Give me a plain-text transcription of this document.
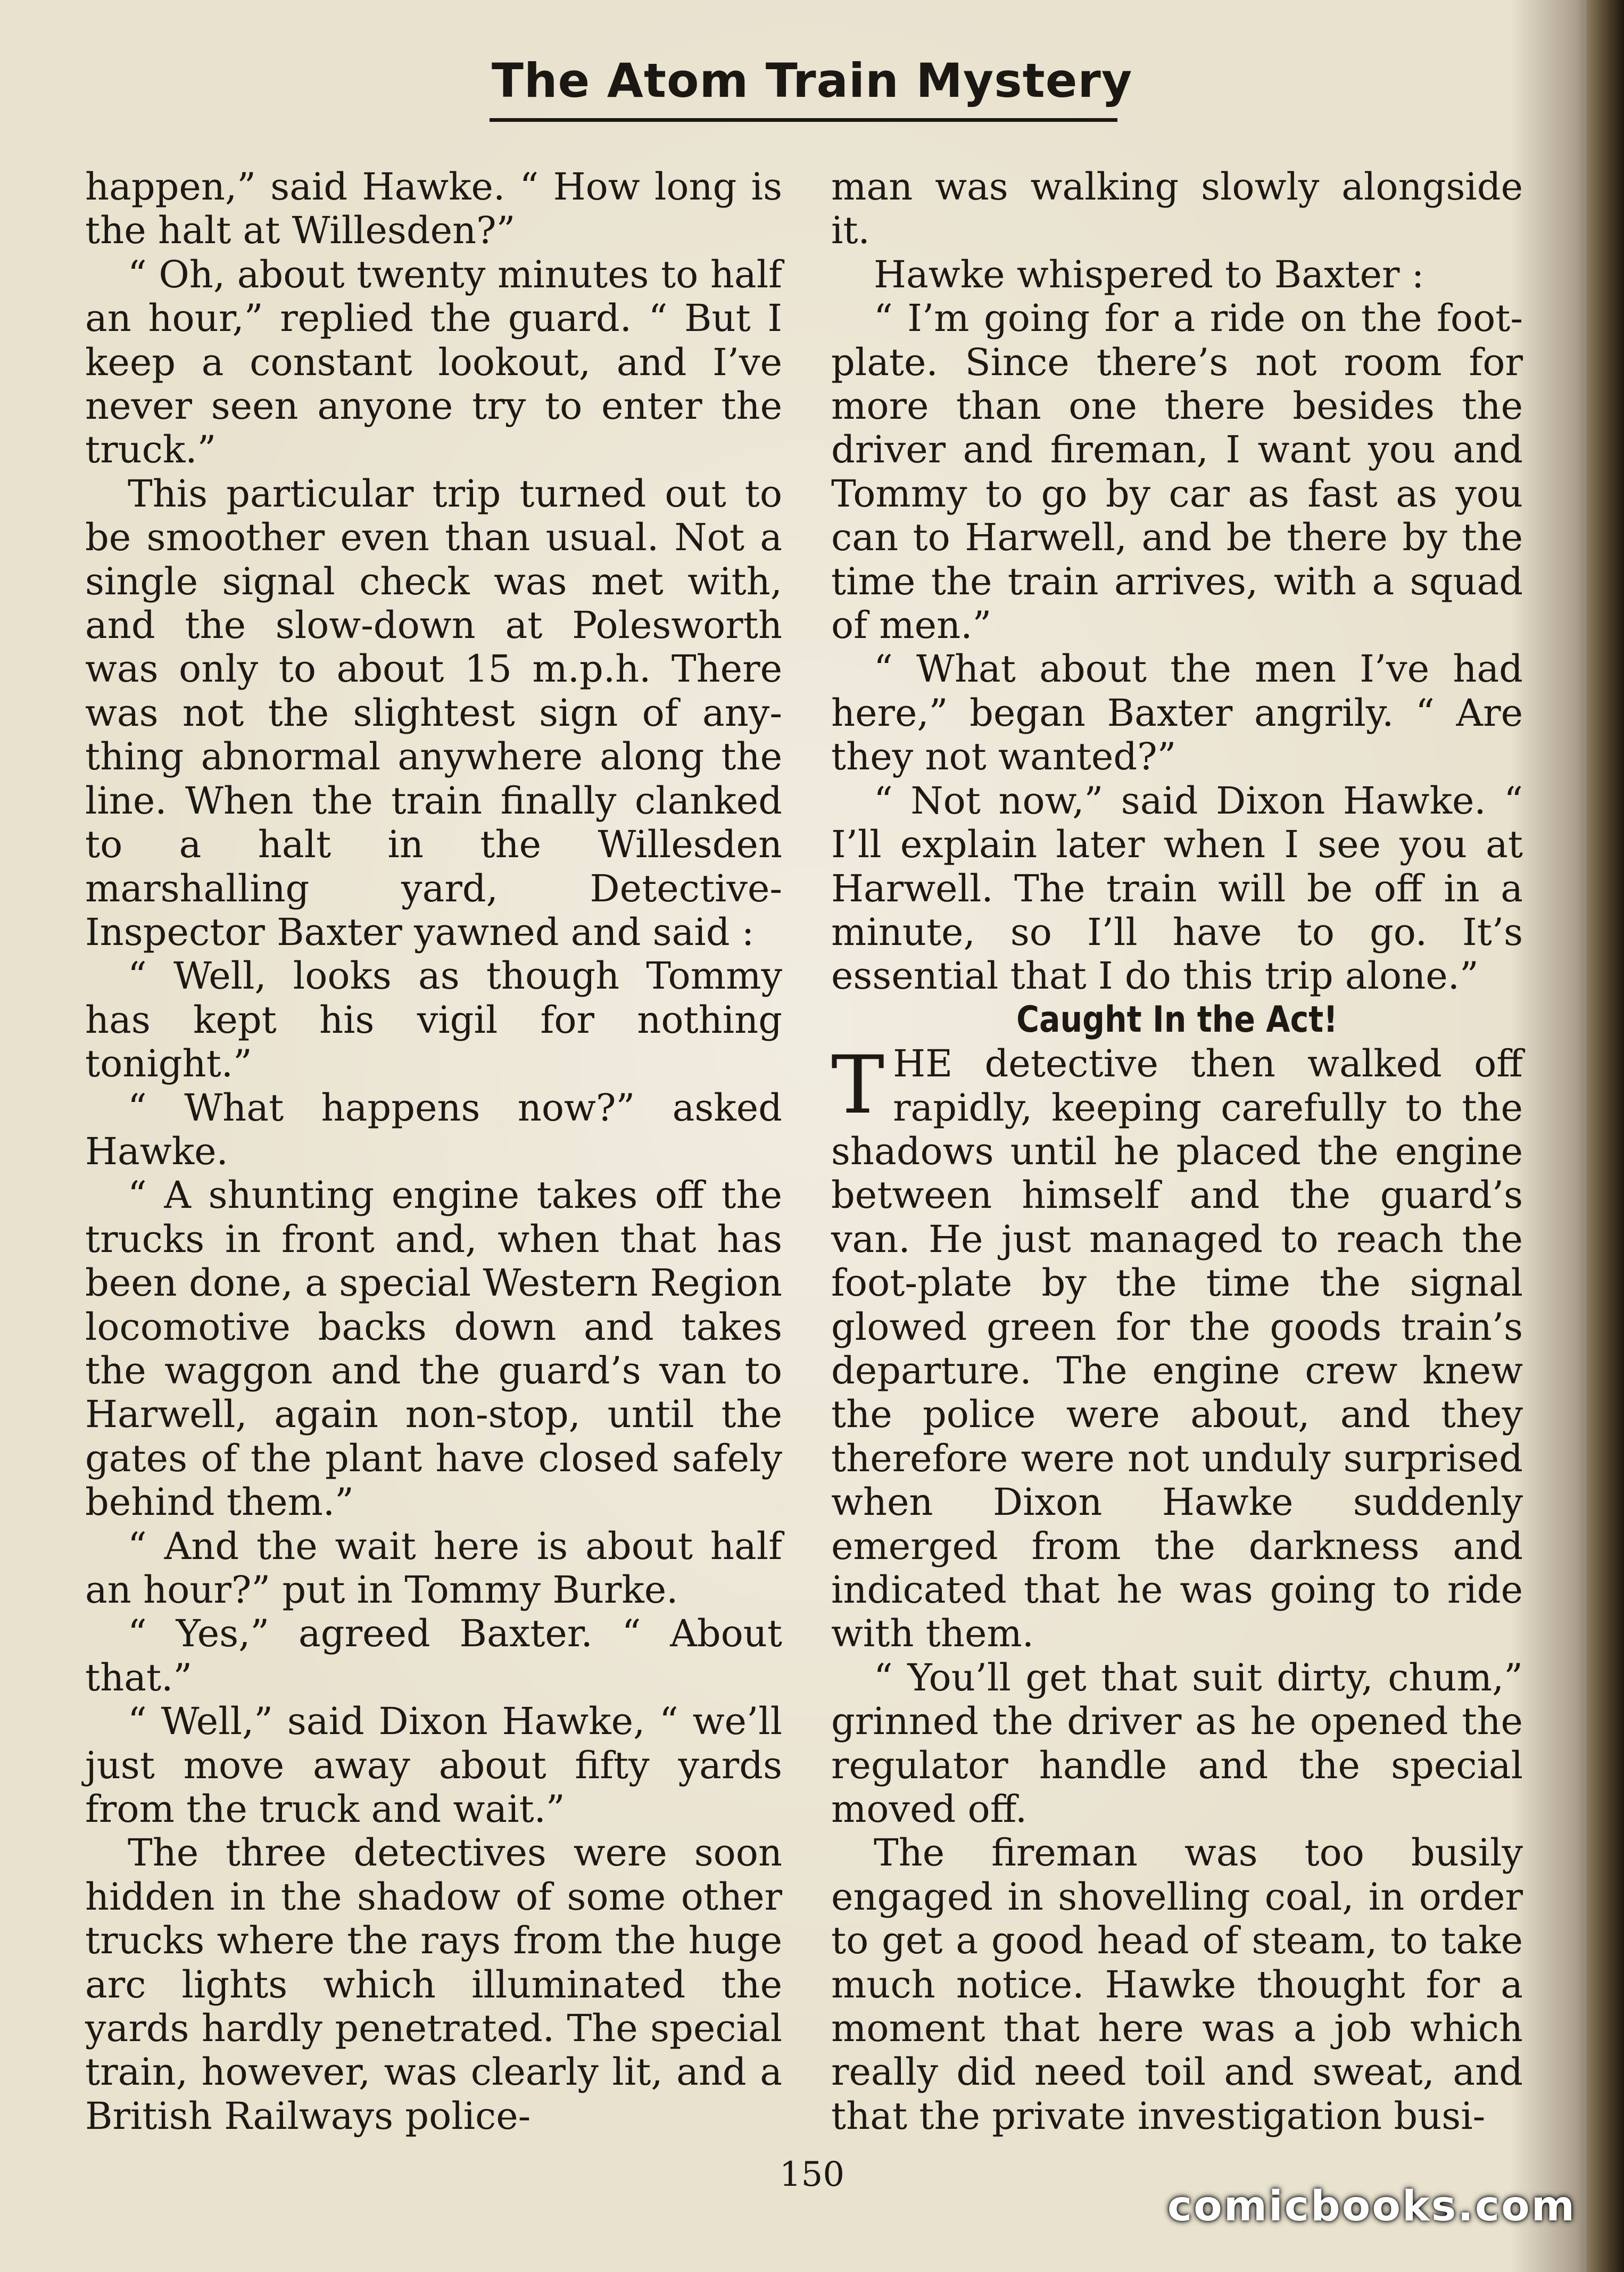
The Atom Train Mystery

happen,” said Hawke. “ How long is the halt at Willesden?”

“ Oh, about twenty minutes to half an hour,” replied the guard. “ But I keep a constant lookout, and I’ve never seen anyone try to enter the truck.”

This particular trip turned out to be smoother even than usual. Not a single signal check was met with, and the slow-down at Polesworth was only to about 15 m.p.h. There was not the slightest sign of any-thing abnormal anywhere along the line. When the train finally clanked to a halt in the Willesden marshalling yard, Detective-Inspector Baxter yawned and said :

“ Well, looks as though Tommy has kept his vigil for nothing tonight.”

“ What happens now?” asked Hawke.

“ A shunting engine takes off the trucks in front and, when that has been done, a special Western Region locomotive backs down and takes the waggon and the guard’s van to Harwell, again non-stop, until the gates of the plant have closed safely behind them.”

“ And the wait here is about half an hour?” put in Tommy Burke.

“ Yes,” agreed Baxter. “ About that.”

“ Well,” said Dixon Hawke, “ we’ll just move away about fifty yards from the truck and wait.”

The three detectives were soon hidden in the shadow of some other trucks where the rays from the huge arc lights which illuminated the yards hardly penetrated. The special train, however, was clearly lit, and a British Railways police-

man was walking slowly alongside it.

Hawke whispered to Baxter :

“ I’m going for a ride on the foot-plate. Since there’s not room for more than one there besides the driver and fireman, I want you and Tommy to go by car as fast as you can to Harwell, and be there by the time the train arrives, with a squad of men.”

“ What about the men I’ve had here,” began Baxter angrily. “ Are they not wanted?”

“ Not now,” said Dixon Hawke. “ I’ll explain later when I see you at Harwell. The train will be off in a minute, so I’ll have to go. It’s essential that I do this trip alone.”

Caught In the Act!

THE detective then walked off rapidly, keeping carefully to the shadows until he placed the engine between himself and the guard’s van. He just managed to reach the foot-plate by the time the signal glowed green for the goods train’s departure. The engine crew knew the police were about, and they therefore were not unduly surprised when Dixon Hawke suddenly emerged from the darkness and indicated that he was going to ride with them.

“ You’ll get that suit dirty, chum,” grinned the driver as he opened the regulator handle and the special moved off.

The fireman was too busily engaged in shovelling coal, in order to get a good head of steam, to take much notice. Hawke thought for a moment that here was a job which really did need toil and sweat, and that the private investigation busi-

150
comicbooks.com
